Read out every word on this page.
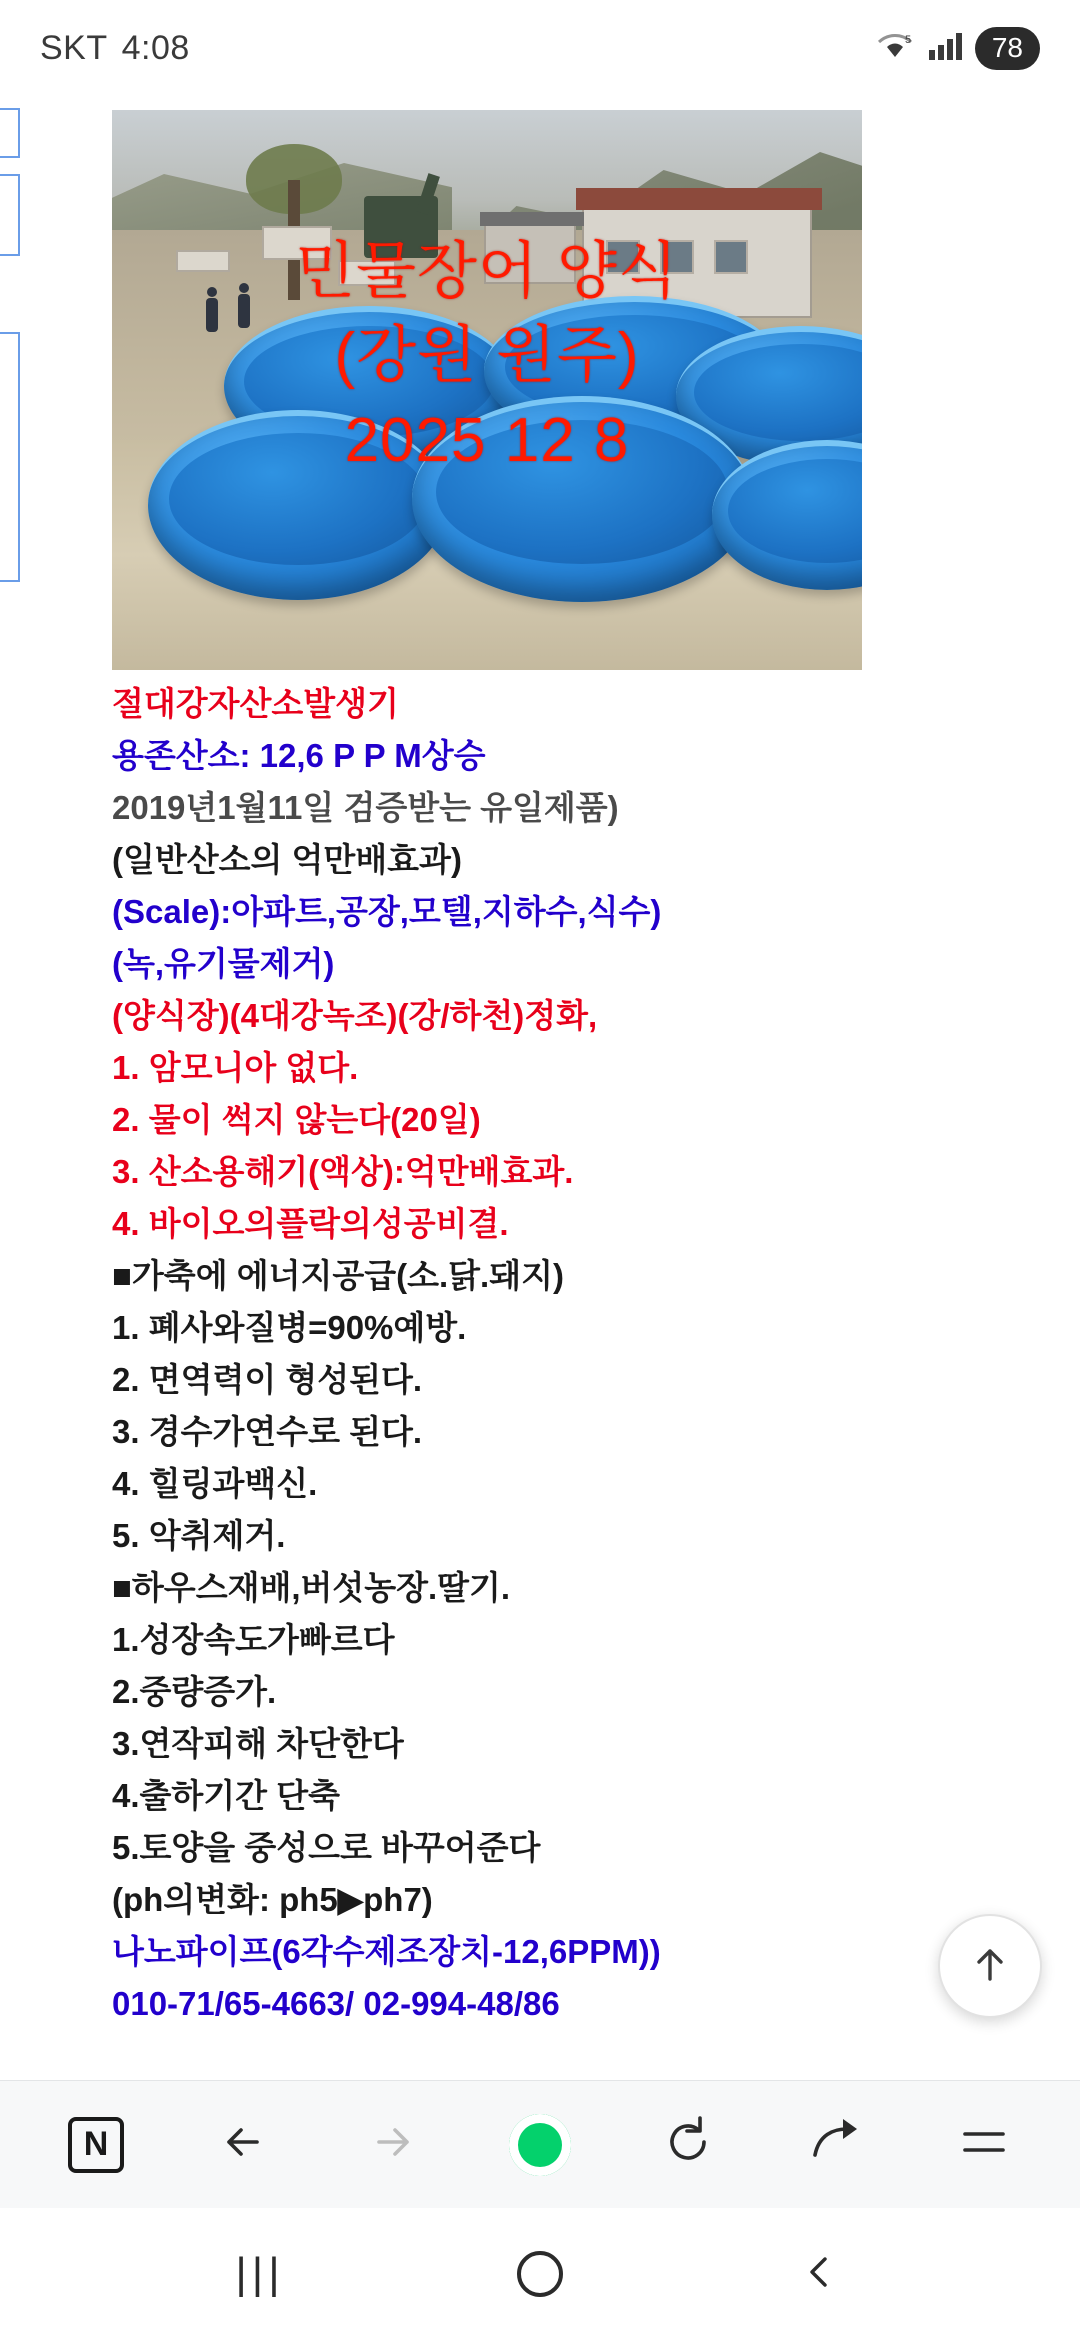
SKT 4:08	5	78
민물장어 양식
(강원 원주)
2025 12 8
절대강자산소발생기
용존산소: 12,6 P P M상승
2019년1월11일 검증받는 유일제품)
(일반산소의 억만배효과)
(Scale):아파트,공장,모텔,지하수,식수)
(녹,유기물제거)
(양식장)(4대강녹조)(강/하천)정화,
1. 암모니아 없다.
2. 물이 썩지 않는다(20일)
3. 산소용해기(액상):억만배효과.
4. 바이오의플락의성공비결.
■가축에 에너지공급(소.닭.돼지)
1. 폐사와질병=90%예방.
2. 면역력이 형성된다.
3. 경수가연수로 된다.
4. 힐링과백신.
5. 악취제거.
■하우스재배,버섯농장.딸기.
1.성장속도가빠르다
2.중량증가.
3.연작피해 차단한다
4.출하기간 단축
5.토양을 중성으로 바꾸어준다
(ph의변화: ph5▶ph7)
나노파이프(6각수제조장치-12,6PPM))
010-71/65-4663/ 02-994-48/86
N
|||
